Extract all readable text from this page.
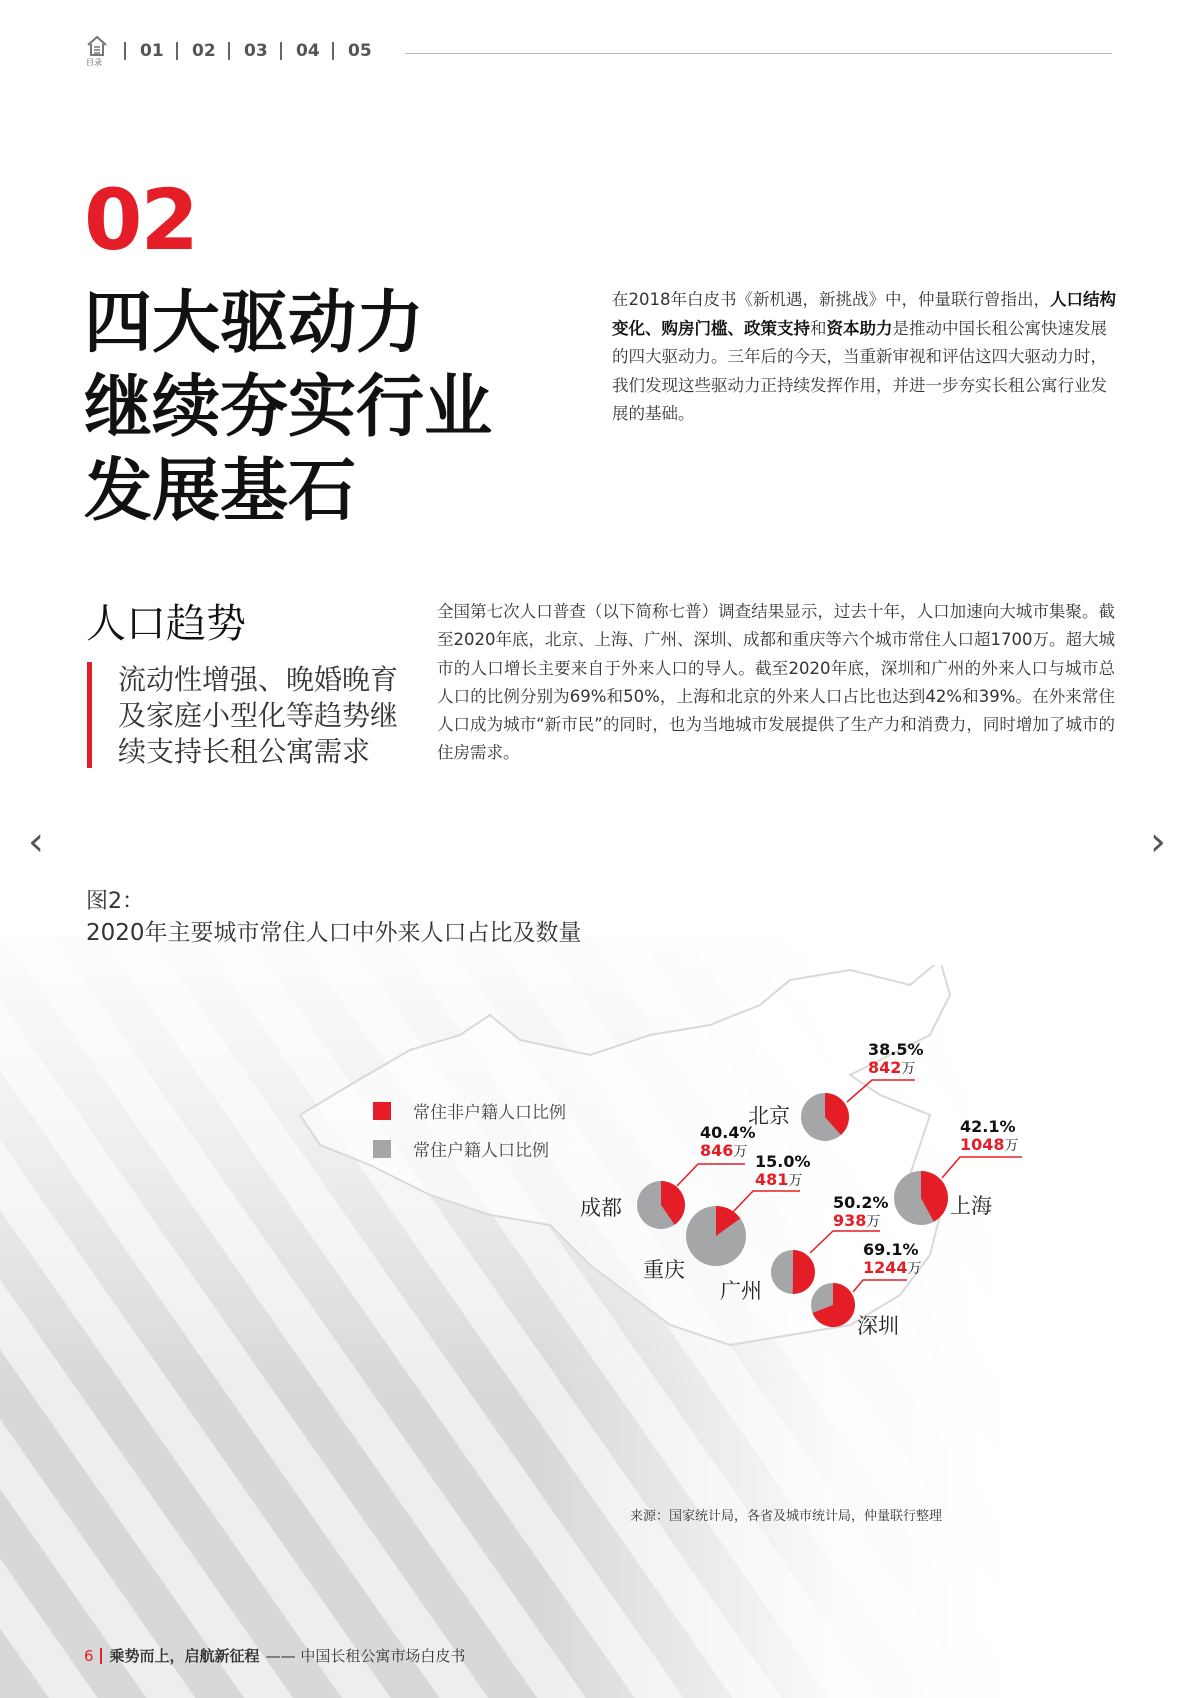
目录
01 02 03 04 05
02
四大驱动力
继续夯实行业
发展基石
在2018年白皮书《新机遇，新挑战》中，仲量联行曾指出，人口结构变化、购房门槛、政策支持和资本助力是推动中国长租公寓快速发展的四大驱动力。三年后的今天，当重新审视和评估这四大驱动力时，我们发现这些驱动力正持续发挥作用，并进一步夯实长租公寓行业发展的基础。
人口趋势
流动性增强、晚婚晚育及家庭小型化等趋势继续支持长租公寓需求
全国第七次人口普查（以下简称七普）调查结果显示，过去十年，人口加速向大城市集聚。截至2020年底，北京、上海、广州、深圳、成都和重庆等六个城市常住人口超1700万。超大城市的人口增长主要来自于外来人口的导人。截至2020年底，深圳和广州的外来人口与城市总人口的比例分别为69%和50%，上海和北京的外来人口占比也达到42%和39%。在外来常住人口成为城市“新市民”的同时，也为当地城市发展提供了生产力和消费力，同时增加了城市的住房需求。
‹	›
图2：
2020年主要城市常住人口中外来人口占比及数量
常住非户籍人口比例
常住户籍人口比例
北京
38.5%
842万
成都
40.4%
846万
重庆
15.0%
481万
上海
42.1%
1048万
广州
50.2%
938万
深圳
69.1%
1244万
来源：国家统计局，各省及城市统计局，仲量联行整理
6 乘势而上，启航新征程 —— 中国长租公寓市场白皮书
